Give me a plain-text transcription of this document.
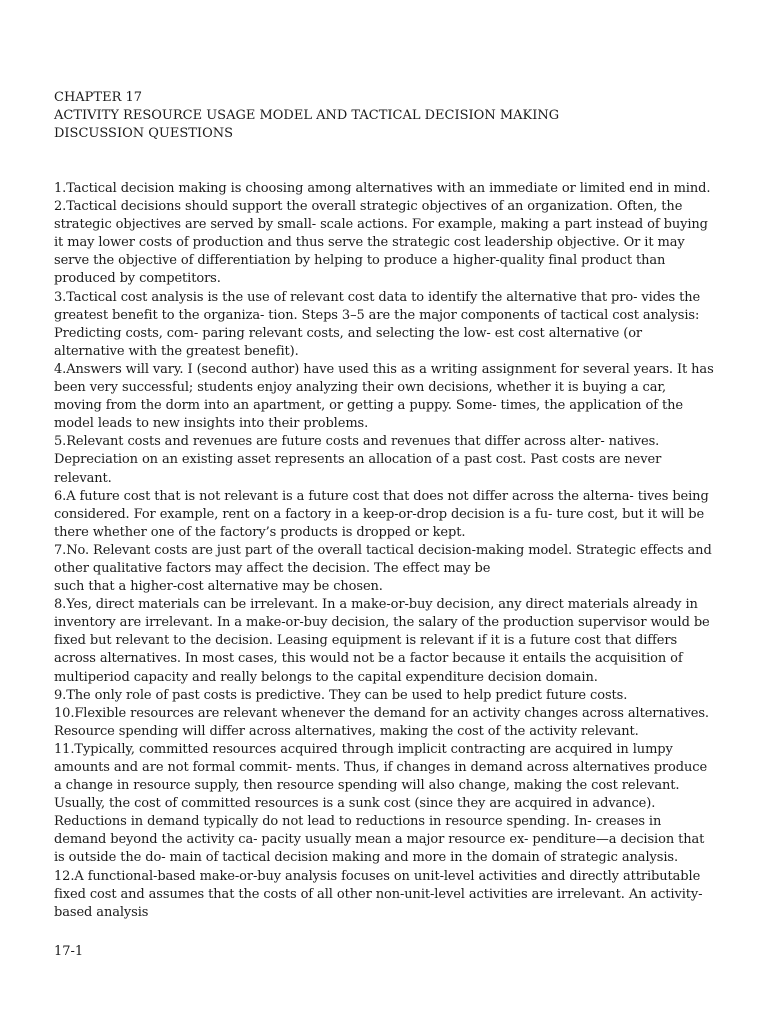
CHAPTER 17
ACTIVITY RESOURCE USAGE MODEL AND TACTICAL DECISION MAKING
DISCUSSION QUESTIONS

1.Tactical decision making is choosing among alternatives with an immediate or limited end in mind.

2.Tactical decisions should support the overall strategic objectives of an organization. Often, the strategic objectives are served by small- scale actions. For example, making a part instead of buying it may lower costs of production and thus serve the strategic cost leadership objective. Or it may serve the objective of differentiation by helping to produce a higher-quality final product than produced by competitors.

3.Tactical cost analysis is the use of relevant cost data to identify the alternative that pro- vides the greatest benefit to the organiza- tion. Steps 3–5 are the major components of tactical cost analysis: Predicting costs, com- paring relevant costs, and selecting the low- est cost alternative (or alternative with the greatest benefit).

4.Answers will vary. I (second author) have used this as a writing assignment for several years. It has been very successful; students enjoy analyzing their own decisions, whether it is buying a car, moving from the dorm into an apartment, or getting a puppy. Some- times, the application of the model leads to new insights into their problems.

5.Relevant costs and revenues are future costs and revenues that differ across alter- natives. Depreciation on an existing asset represents an allocation of a past cost. Past costs are never relevant.

6.A future cost that is not relevant is a future cost that does not differ across the alterna- tives being considered. For example, rent on a factory in a keep-or-drop decision is a fu- ture cost, but it will be there whether one of the factory’s products is dropped or kept.

7.No. Relevant costs are just part of the overall tactical decision-making model. Strategic effects and other qualitative factors may affect the decision. The effect may be

such that a higher-cost alternative may be chosen.

8.Yes, direct materials can be irrelevant. In a make-or-buy decision, any direct materials already in inventory are irrelevant. In a make-or-buy decision, the salary of the production supervisor would be fixed but relevant to the decision. Leasing equipment is relevant if it is a future cost that differs across alternatives. In most cases, this would not be a factor because it entails the acquisition of multiperiod capacity and really belongs to the capital expenditure decision domain.

9.The only role of past costs is predictive. They can be used to help predict future costs.

10.Flexible resources are relevant whenever the demand for an activity changes across alternatives. Resource spending will differ across alternatives, making the cost of the activity relevant.

11.Typically, committed resources acquired through implicit contracting are acquired in lumpy amounts and are not formal commit- ments. Thus, if changes in demand across alternatives produce a change in resource supply, then resource spending will also change, making the cost relevant. Usually, the cost of committed resources is a sunk cost (since they are acquired in advance). Reductions in demand typically do not lead to reductions in resource spending. In- creases in demand beyond the activity ca- pacity usually mean a major resource ex- penditure—a decision that is outside the do- main of tactical decision making and more in the domain of strategic analysis.

12.A functional-based make-or-buy analysis focuses on unit-level activities and directly attributable fixed cost and assumes that the costs of all other non-unit-level activities are irrelevant. An activity-based analysis

17-1
